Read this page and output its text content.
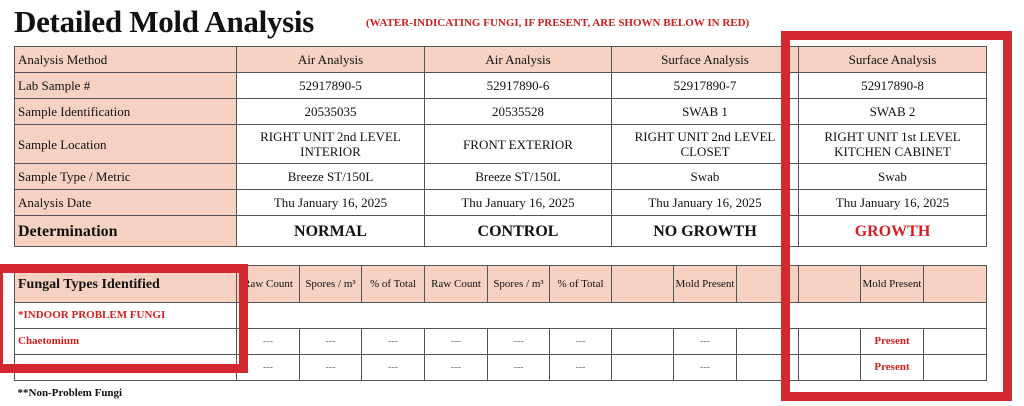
Detailed Mold Analysis	(WATER-INDICATING FUNGI, IF PRESENT, ARE SHOWN BELOW IN RED)
Analysis Method	Air Analysis	Air Analysis	Surface Analysis	Surface Analysis
Lab Sample #	52917890-5	52917890-6	52917890-7	52917890-8
Sample Identification	20535035	20535528	SWAB 1	SWAB 2
Sample Location	RIGHT UNIT 2nd LEVEL INTERIOR	FRONT EXTERIOR	RIGHT UNIT 2nd LEVEL CLOSET	RIGHT UNIT 1st LEVEL KITCHEN CABINET
Sample Type / Metric	Breeze ST/150L	Breeze ST/150L	Swab	Swab
Analysis Date	Thu January 16, 2025	Thu January 16, 2025	Thu January 16, 2025	Thu January 16, 2025
Determination	NORMAL	CONTROL	NO GROWTH	GROWTH
Fungal Types Identified	Raw Count	Spores / m³	% of Total	Raw Count	Spores / m³	% of Total		Mold Present			Mold Present	
*INDOOR PROBLEM FUNGI												
Chaetomium	---	---	---	---	---	---		---			Present	
	---	---	---	---	---	---		---			Present	
**Non-Problem Fungi												
